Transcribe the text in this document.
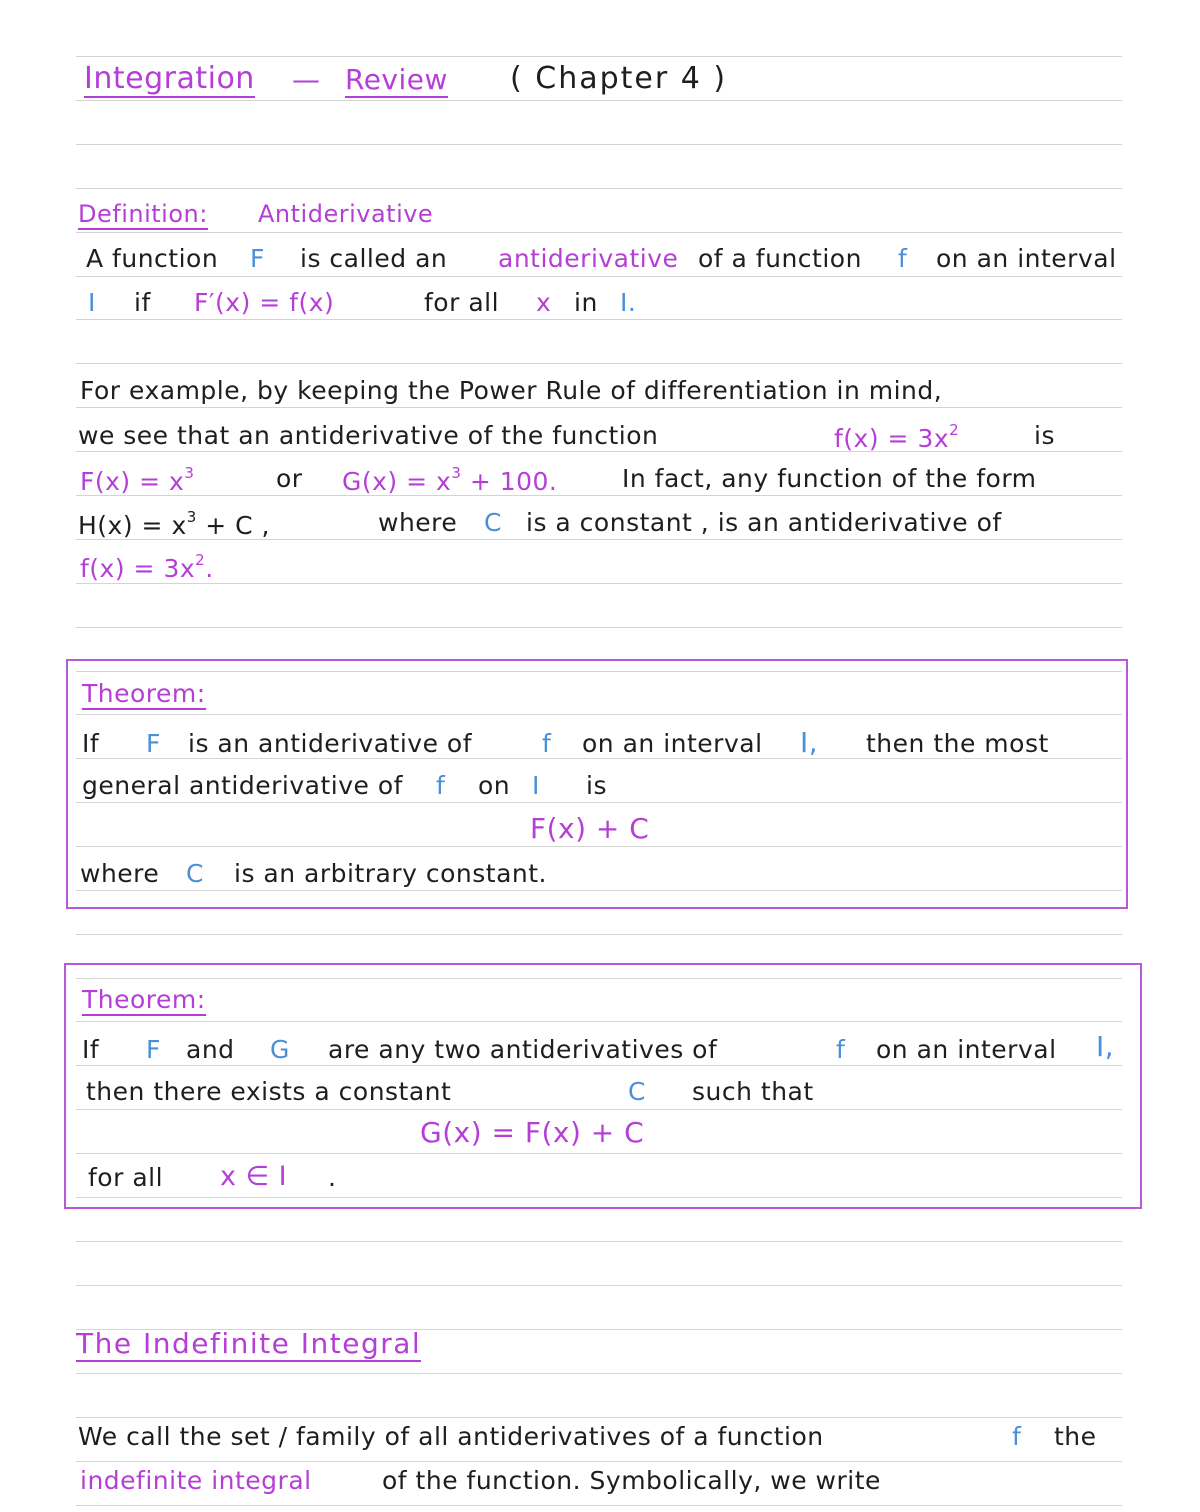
Integration — Review ( Chapter 4 )
Definition: Antiderivative
A function F is called an antiderivative of a function f on an interval
I if F′(x) = f(x)	for all x in I.
For example, by keeping the Power Rule of differentiation in mind,
we see that an antiderivative of the function	$f(x) = 3x^2$	is
$F(x) = x^3$	or $G(x) = x^3 + 100$.	In fact, any function of the form
$H(x) = x^3 + C$ ,	where C is a constant , is an antiderivative of
$f(x) = 3x^2$.
Theorem:
If F is an antiderivative of	f on an interval I, then the most
general antiderivative of f on I is
F(x) + C
where C is an arbitrary constant.
Theorem:
If F and G are any two antiderivatives of	f on an interval I,
then there exists a constant	C such that
G(x) = F(x) + C
for all x ∈ I .
The Indefinite Integral
We call the set / family of all antiderivatives of a function	f the
indefinite integral	of the function. Symbolically, we write
